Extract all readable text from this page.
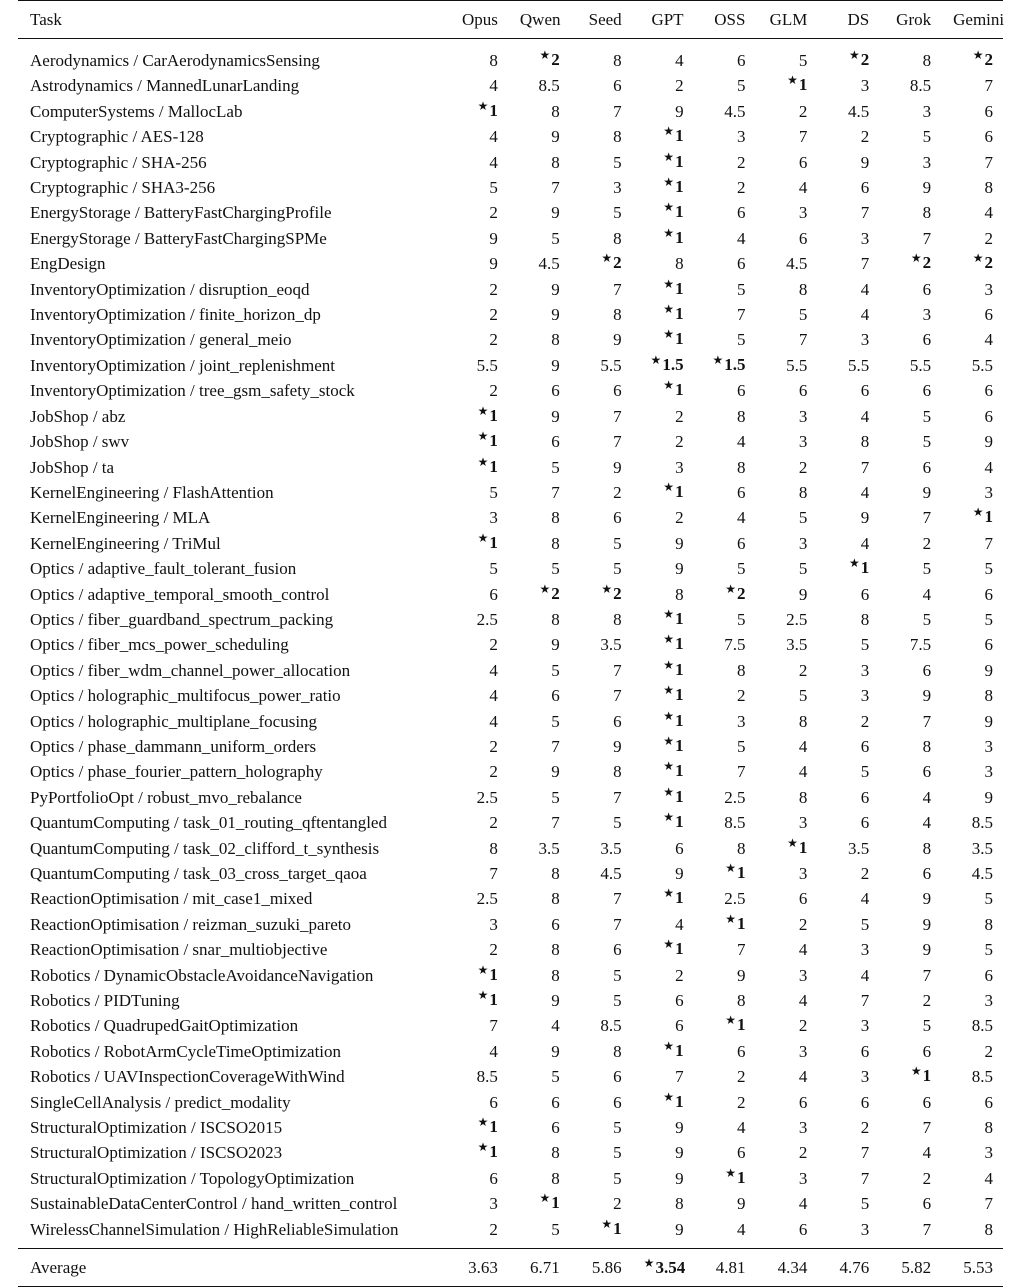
Task	Opus	Qwen	Seed	GPT	OSS	GLM	DS	Grok	Gemini
Aerodynamics / CarAerodynamicsSensing	8	★2	8	4	6	5	★2	8	★2
Astrodynamics / MannedLunarLanding	4	8.5	6	2	5	★1	3	8.5	7
ComputerSystems / MallocLab	★1	8	7	9	4.5	2	4.5	3	6
Cryptographic / AES-128	4	9	8	★1	3	7	2	5	6
Cryptographic / SHA-256	4	8	5	★1	2	6	9	3	7
Cryptographic / SHA3-256	5	7	3	★1	2	4	6	9	8
EnergyStorage / BatteryFastChargingProfile	2	9	5	★1	6	3	7	8	4
EnergyStorage / BatteryFastChargingSPMe	9	5	8	★1	4	6	3	7	2
EngDesign	9	4.5	★2	8	6	4.5	7	★2	★2
InventoryOptimization / disruption_eoqd	2	9	7	★1	5	8	4	6	3
InventoryOptimization / finite_horizon_dp	2	9	8	★1	7	5	4	3	6
InventoryOptimization / general_meio	2	8	9	★1	5	7	3	6	4
InventoryOptimization / joint_replenishment	5.5	9	5.5	★1.5	★1.5	5.5	5.5	5.5	5.5
InventoryOptimization / tree_gsm_safety_stock	2	6	6	★1	6	6	6	6	6
JobShop / abz	★1	9	7	2	8	3	4	5	6
JobShop / swv	★1	6	7	2	4	3	8	5	9
JobShop / ta	★1	5	9	3	8	2	7	6	4
KernelEngineering / FlashAttention	5	7	2	★1	6	8	4	9	3
KernelEngineering / MLA	3	8	6	2	4	5	9	7	★1
KernelEngineering / TriMul	★1	8	5	9	6	3	4	2	7
Optics / adaptive_fault_tolerant_fusion	5	5	5	9	5	5	★1	5	5
Optics / adaptive_temporal_smooth_control	6	★2	★2	8	★2	9	6	4	6
Optics / fiber_guardband_spectrum_packing	2.5	8	8	★1	5	2.5	8	5	5
Optics / fiber_mcs_power_scheduling	2	9	3.5	★1	7.5	3.5	5	7.5	6
Optics / fiber_wdm_channel_power_allocation	4	5	7	★1	8	2	3	6	9
Optics / holographic_multifocus_power_ratio	4	6	7	★1	2	5	3	9	8
Optics / holographic_multiplane_focusing	4	5	6	★1	3	8	2	7	9
Optics / phase_dammann_uniform_orders	2	7	9	★1	5	4	6	8	3
Optics / phase_fourier_pattern_holography	2	9	8	★1	7	4	5	6	3
PyPortfolioOpt / robust_mvo_rebalance	2.5	5	7	★1	2.5	8	6	4	9
QuantumComputing / task_01_routing_qftentangled	2	7	5	★1	8.5	3	6	4	8.5
QuantumComputing / task_02_clifford_t_synthesis	8	3.5	3.5	6	8	★1	3.5	8	3.5
QuantumComputing / task_03_cross_target_qaoa	7	8	4.5	9	★1	3	2	6	4.5
ReactionOptimisation / mit_case1_mixed	2.5	8	7	★1	2.5	6	4	9	5
ReactionOptimisation / reizman_suzuki_pareto	3	6	7	4	★1	2	5	9	8
ReactionOptimisation / snar_multiobjective	2	8	6	★1	7	4	3	9	5
Robotics / DynamicObstacleAvoidanceNavigation	★1	8	5	2	9	3	4	7	6
Robotics / PIDTuning	★1	9	5	6	8	4	7	2	3
Robotics / QuadrupedGaitOptimization	7	4	8.5	6	★1	2	3	5	8.5
Robotics / RobotArmCycleTimeOptimization	4	9	8	★1	6	3	6	6	2
Robotics / UAVInspectionCoverageWithWind	8.5	5	6	7	2	4	3	★1	8.5
SingleCellAnalysis / predict_modality	6	6	6	★1	2	6	6	6	6
StructuralOptimization / ISCSO2015	★1	6	5	9	4	3	2	7	8
StructuralOptimization / ISCSO2023	★1	8	5	9	6	2	7	4	3
StructuralOptimization / TopologyOptimization	6	8	5	9	★1	3	7	2	4
SustainableDataCenterControl / hand_written_control	3	★1	2	8	9	4	5	6	7
WirelessChannelSimulation / HighReliableSimulation	2	5	★1	9	4	6	3	7	8
Average	3.63	6.71	5.86	★3.54	4.81	4.34	4.76	5.82	5.53
